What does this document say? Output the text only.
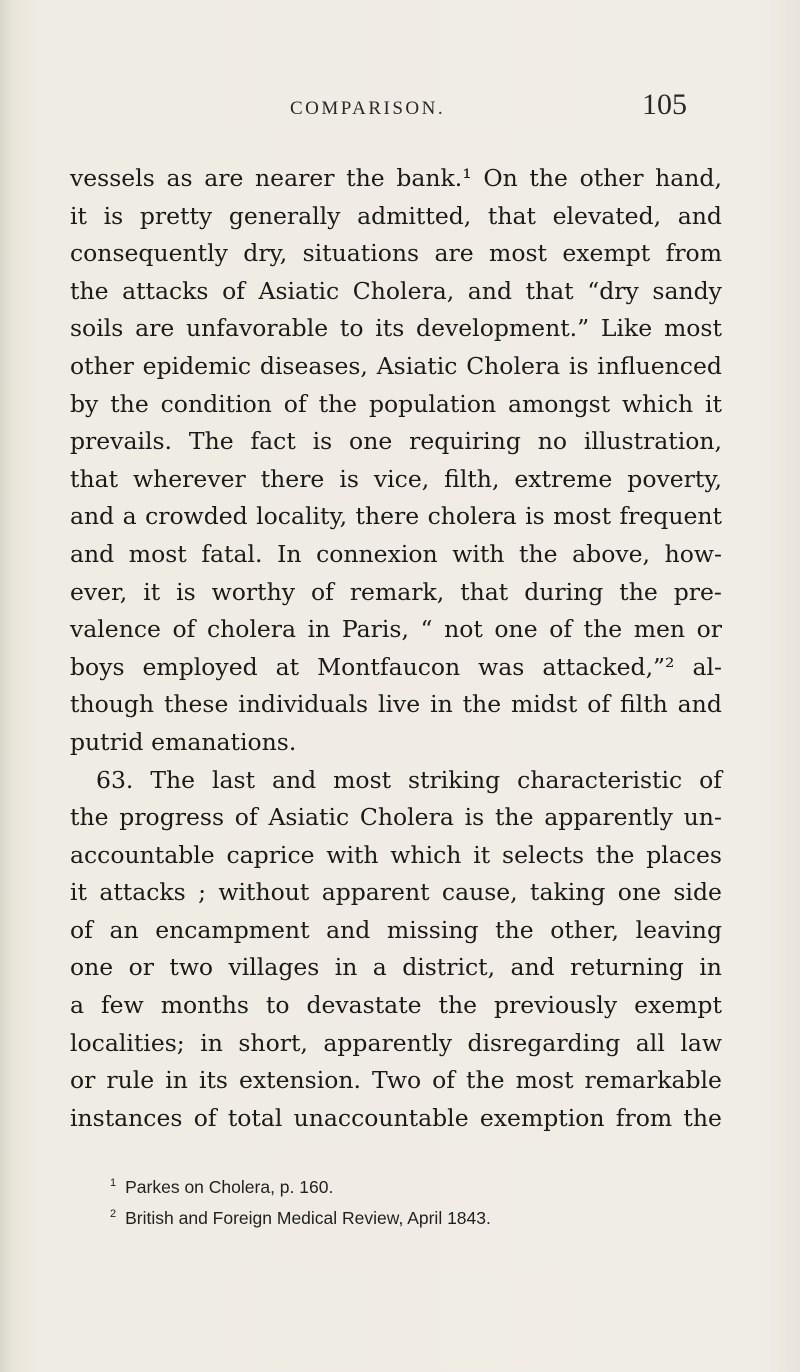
COMPARISON.	105
vessels as are nearer the bank.¹ On the other hand,
it is pretty generally admitted, that elevated, and
consequently dry, situations are most exempt from
the attacks of Asiatic Cholera, and that “dry sandy
soils are unfavorable to its development.” Like most
other epidemic diseases, Asiatic Cholera is influenced
by the condition of the population amongst which it
prevails. The fact is one requiring no illustration,
that wherever there is vice, filth, extreme poverty,
and a crowded locality, there cholera is most frequent
and most fatal. In connexion with the above, how-
ever, it is worthy of remark, that during the pre-
valence of cholera in Paris, “ not one of the men or
boys employed at Montfaucon was attacked,”² al-
though these individuals live in the midst of filth and
putrid emanations.
63. The last and most striking characteristic of
the progress of Asiatic Cholera is the apparently un-
accountable caprice with which it selects the places
it attacks ; without apparent cause, taking one side
of an encampment and missing the other, leaving
one or two villages in a district, and returning in
a few months to devastate the previously exempt
localities; in short, apparently disregarding all law
or rule in its extension. Two of the most remarkable
instances of total unaccountable exemption from the
$^1$ Parkes on Cholera, p. 160.
$^2$ British and Foreign Medical Review, April 1843.
